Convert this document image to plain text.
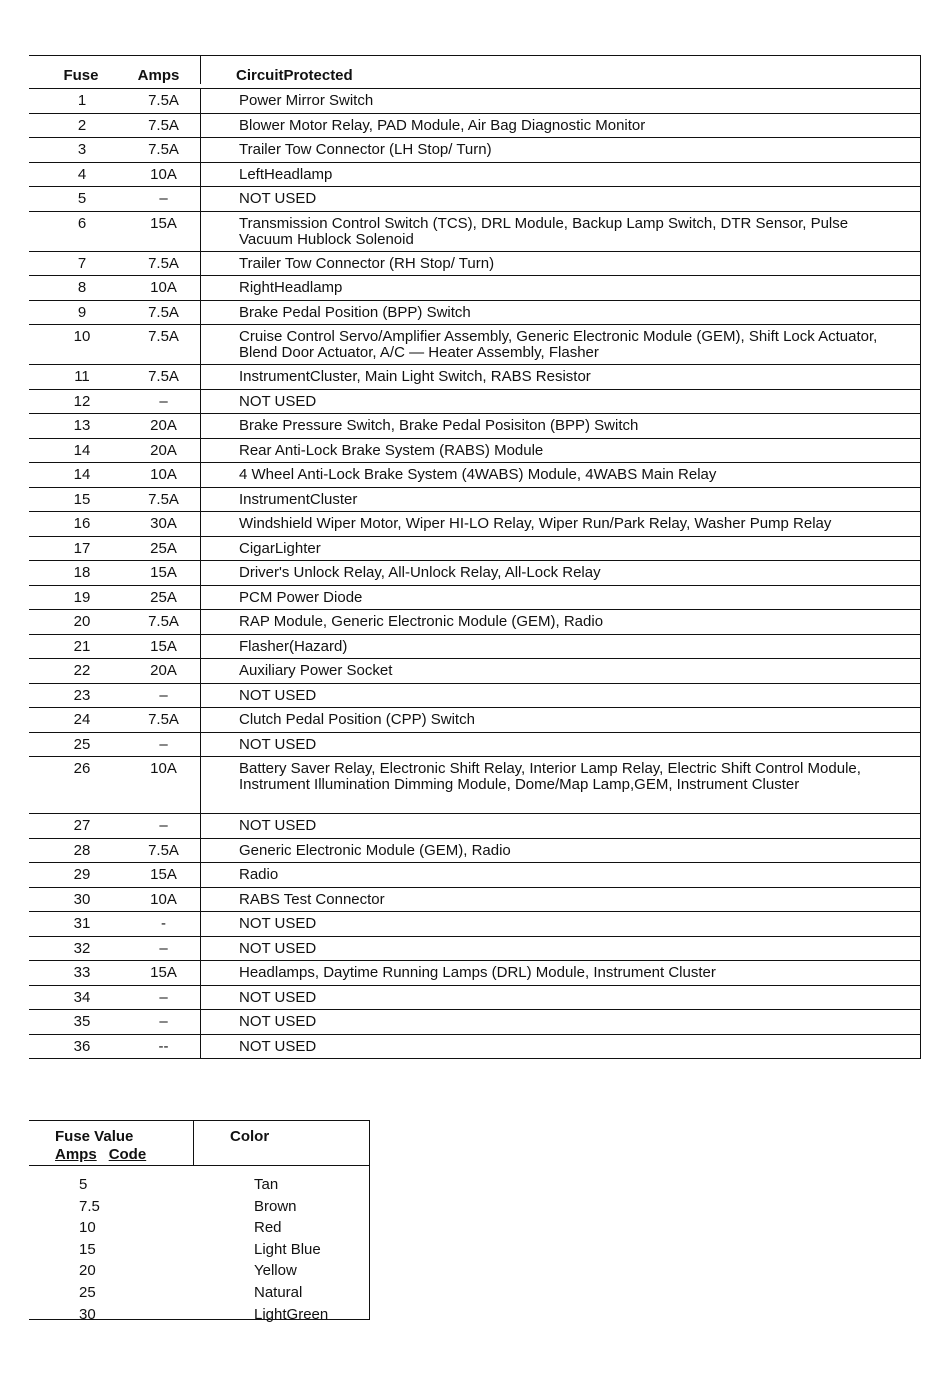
Fuse	Amps	CircuitProtected
1	7.5A	Power Mirror Switch
2	7.5A	Blower Motor Relay, PAD Module, Air Bag Diagnostic Monitor
3	7.5A	Trailer Tow Connector (LH Stop/ Turn)
4	10A	LeftHeadlamp
5	–	NOT USED
6	15A	Transmission Control Switch (TCS), DRL Module, Backup Lamp Switch, DTR Sensor, Pulse Vacuum Hublock Solenoid
7	7.5A	Trailer Tow Connector (RH Stop/ Turn)
8	10A	RightHeadlamp
9	7.5A	Brake Pedal Position (BPP) Switch
10	7.5A	Cruise Control Servo/Amplifier Assembly, Generic Electronic Module (GEM), Shift Lock Actuator, Blend Door Actuator, A/C — Heater Assembly, Flasher
11	7.5A	InstrumentCluster, Main Light Switch, RABS Resistor
12	–	NOT USED
13	20A	Brake Pressure Switch, Brake Pedal Posisiton (BPP) Switch
14	20A	Rear Anti-Lock Brake System (RABS) Module
14	10A	4 Wheel Anti-Lock Brake System (4WABS) Module, 4WABS Main Relay
15	7.5A	InstrumentCluster
16	30A	Windshield Wiper Motor, Wiper HI-LO Relay, Wiper Run/Park Relay, Washer Pump Relay
17	25A	CigarLighter
18	15A	Driver's Unlock Relay, All-Unlock Relay, All-Lock Relay
19	25A	PCM Power Diode
20	7.5A	RAP Module, Generic Electronic Module (GEM), Radio
21	15A	Flasher(Hazard)
22	20A	Auxiliary Power Socket
23	–	NOT USED
24	7.5A	Clutch Pedal Position (CPP) Switch
25	–	NOT USED
26	10A	Battery Saver Relay, Electronic Shift Relay, Interior Lamp Relay, Electric Shift Control Module, Instrument Illumination Dimming Module, Dome/Map Lamp,GEM, Instrument Cluster
27	–	NOT USED
28	7.5A	Generic Electronic Module (GEM), Radio
29	15A	Radio
30	10A	RABS Test Connector
31	-	NOT USED
32	–	NOT USED
33	15A	Headlamps, Daytime Running Lamps (DRL) Module, Instrument Cluster
34	–	NOT USED
35	–	NOT USED
36	--	NOT USED
Fuse Value
Amps Code
Color
5	Tan
7.5	Brown
10	Red
15	Light Blue
20	Yellow
25	Natural
30	LightGreen
